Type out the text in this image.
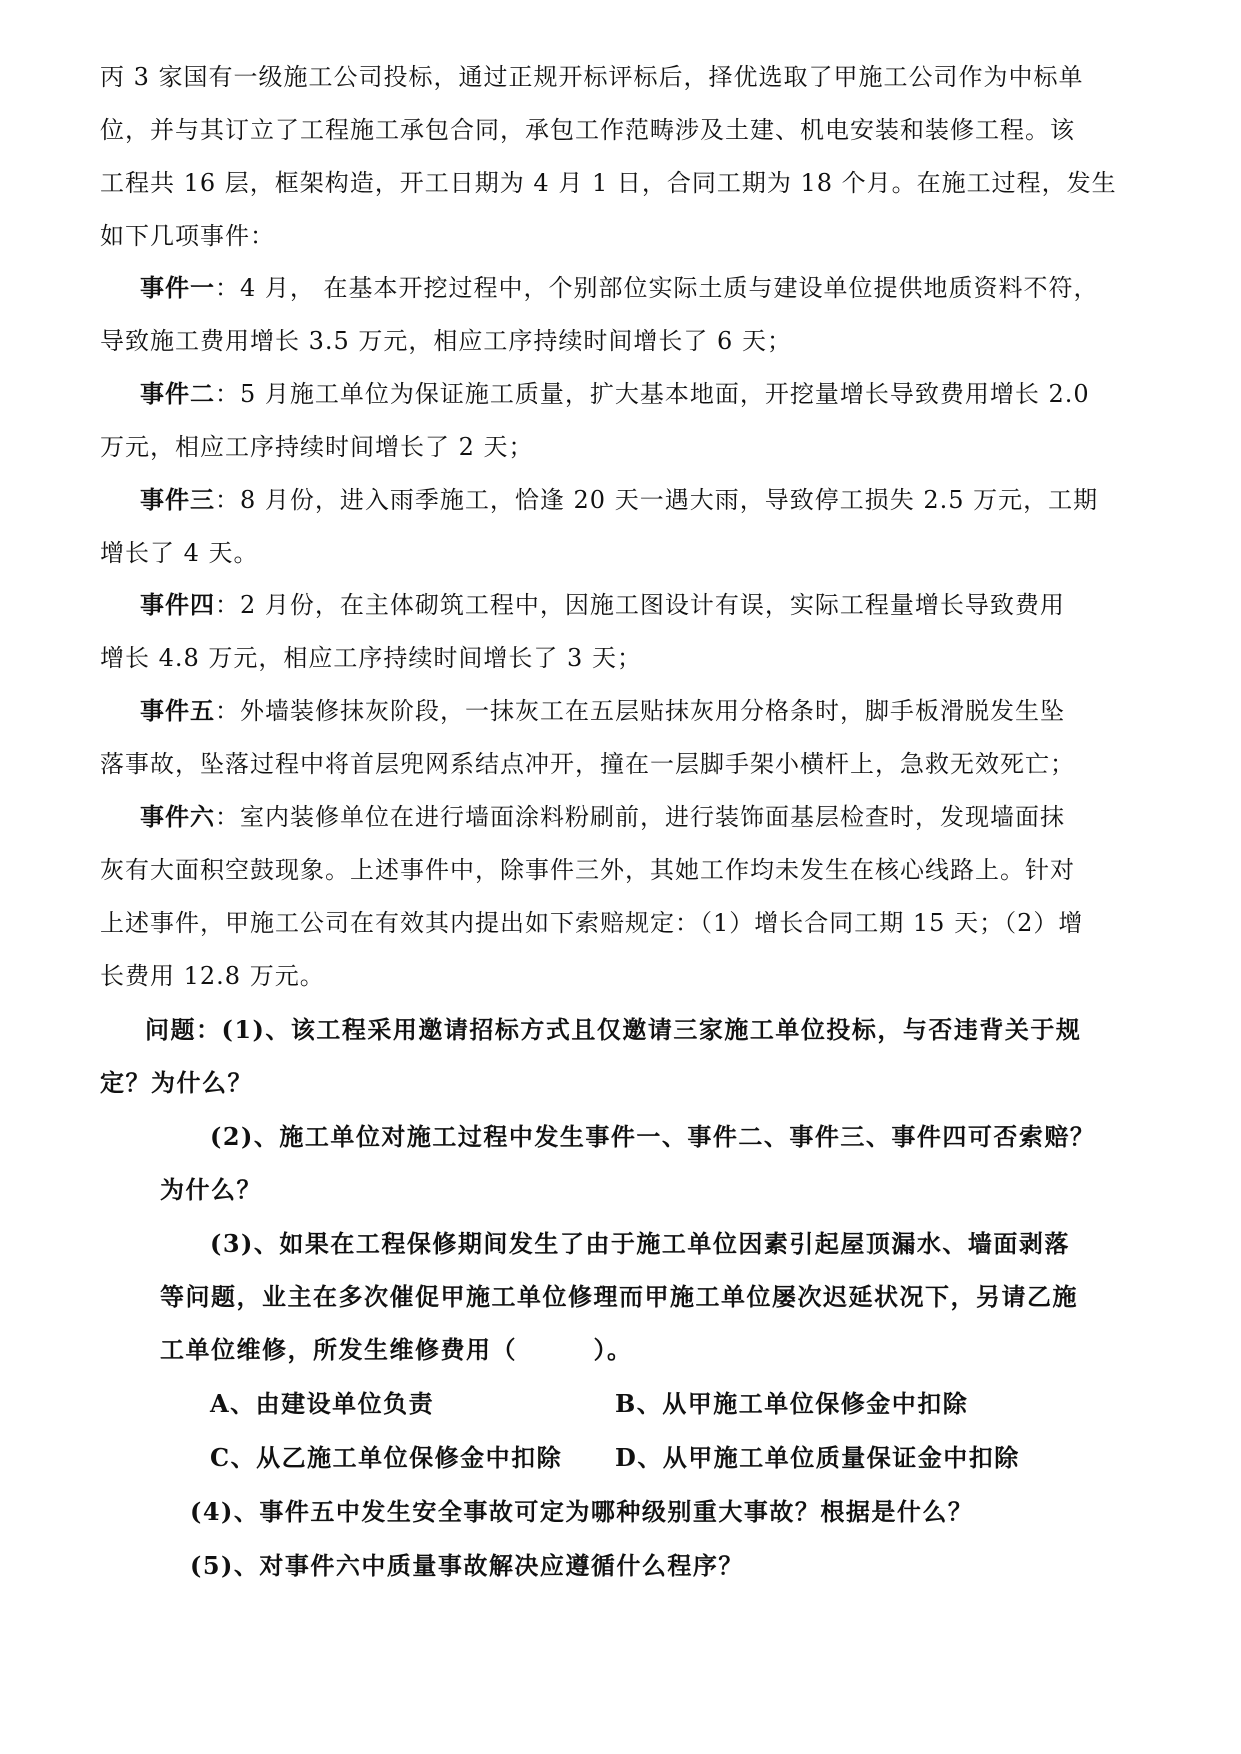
丙 3 家国有一级施工公司投标，通过正规开标评标后，择优选取了甲施工公司作为中标单
位，并与其订立了工程施工承包合同，承包工作范畴涉及土建、机电安装和装修工程。该
工程共 16 层，框架构造，开工日期为 4 月 1 日，合同工期为 18 个月。在施工过程，发生
如下几项事件：
事件一：4 月， 在基本开挖过程中，个别部位实际土质与建设单位提供地质资料不符，
导致施工费用增长 3.5 万元，相应工序持续时间增长了 6 天；
事件二：5 月施工单位为保证施工质量，扩大基本地面，开挖量增长导致费用增长 2.0
万元，相应工序持续时间增长了 2 天；
事件三：8 月份，进入雨季施工，恰逢 20 天一遇大雨，导致停工损失 2.5 万元，工期
增长了 4 天。
事件四：2 月份，在主体砌筑工程中，因施工图设计有误，实际工程量增长导致费用
增长 4.8 万元，相应工序持续时间增长了 3 天；
事件五：外墙装修抹灰阶段，一抹灰工在五层贴抹灰用分格条时，脚手板滑脱发生坠
落事故，坠落过程中将首层兜网系结点冲开，撞在一层脚手架小横杆上，急救无效死亡；
事件六：室内装修单位在进行墙面涂料粉刷前，进行装饰面基层检查时，发现墙面抹
灰有大面积空鼓现象。上述事件中，除事件三外，其她工作均未发生在核心线路上。针对
上述事件，甲施工公司在有效其内提出如下索赔规定：（1）增长合同工期 15 天；（2）增
长费用 12.8 万元。
问题：(1)、该工程采用邀请招标方式且仅邀请三家施工单位投标，与否违背关于规
定？为什么？
(2)、施工单位对施工过程中发生事件一、事件二、事件三、事件四可否索赔？
为什么？
(3)、如果在工程保修期间发生了由于施工单位因素引起屋顶漏水、墙面剥落
等问题，业主在多次催促甲施工单位修理而甲施工单位屡次迟延状况下，另请乙施
工单位维修，所发生维修费用（　　　）。
A、由建设单位负责	B、从甲施工单位保修金中扣除
C、从乙施工单位保修金中扣除 D、从甲施工单位质量保证金中扣除
(4)、事件五中发生安全事故可定为哪种级别重大事故？根据是什么？
(5)、对事件六中质量事故解决应遵循什么程序？
